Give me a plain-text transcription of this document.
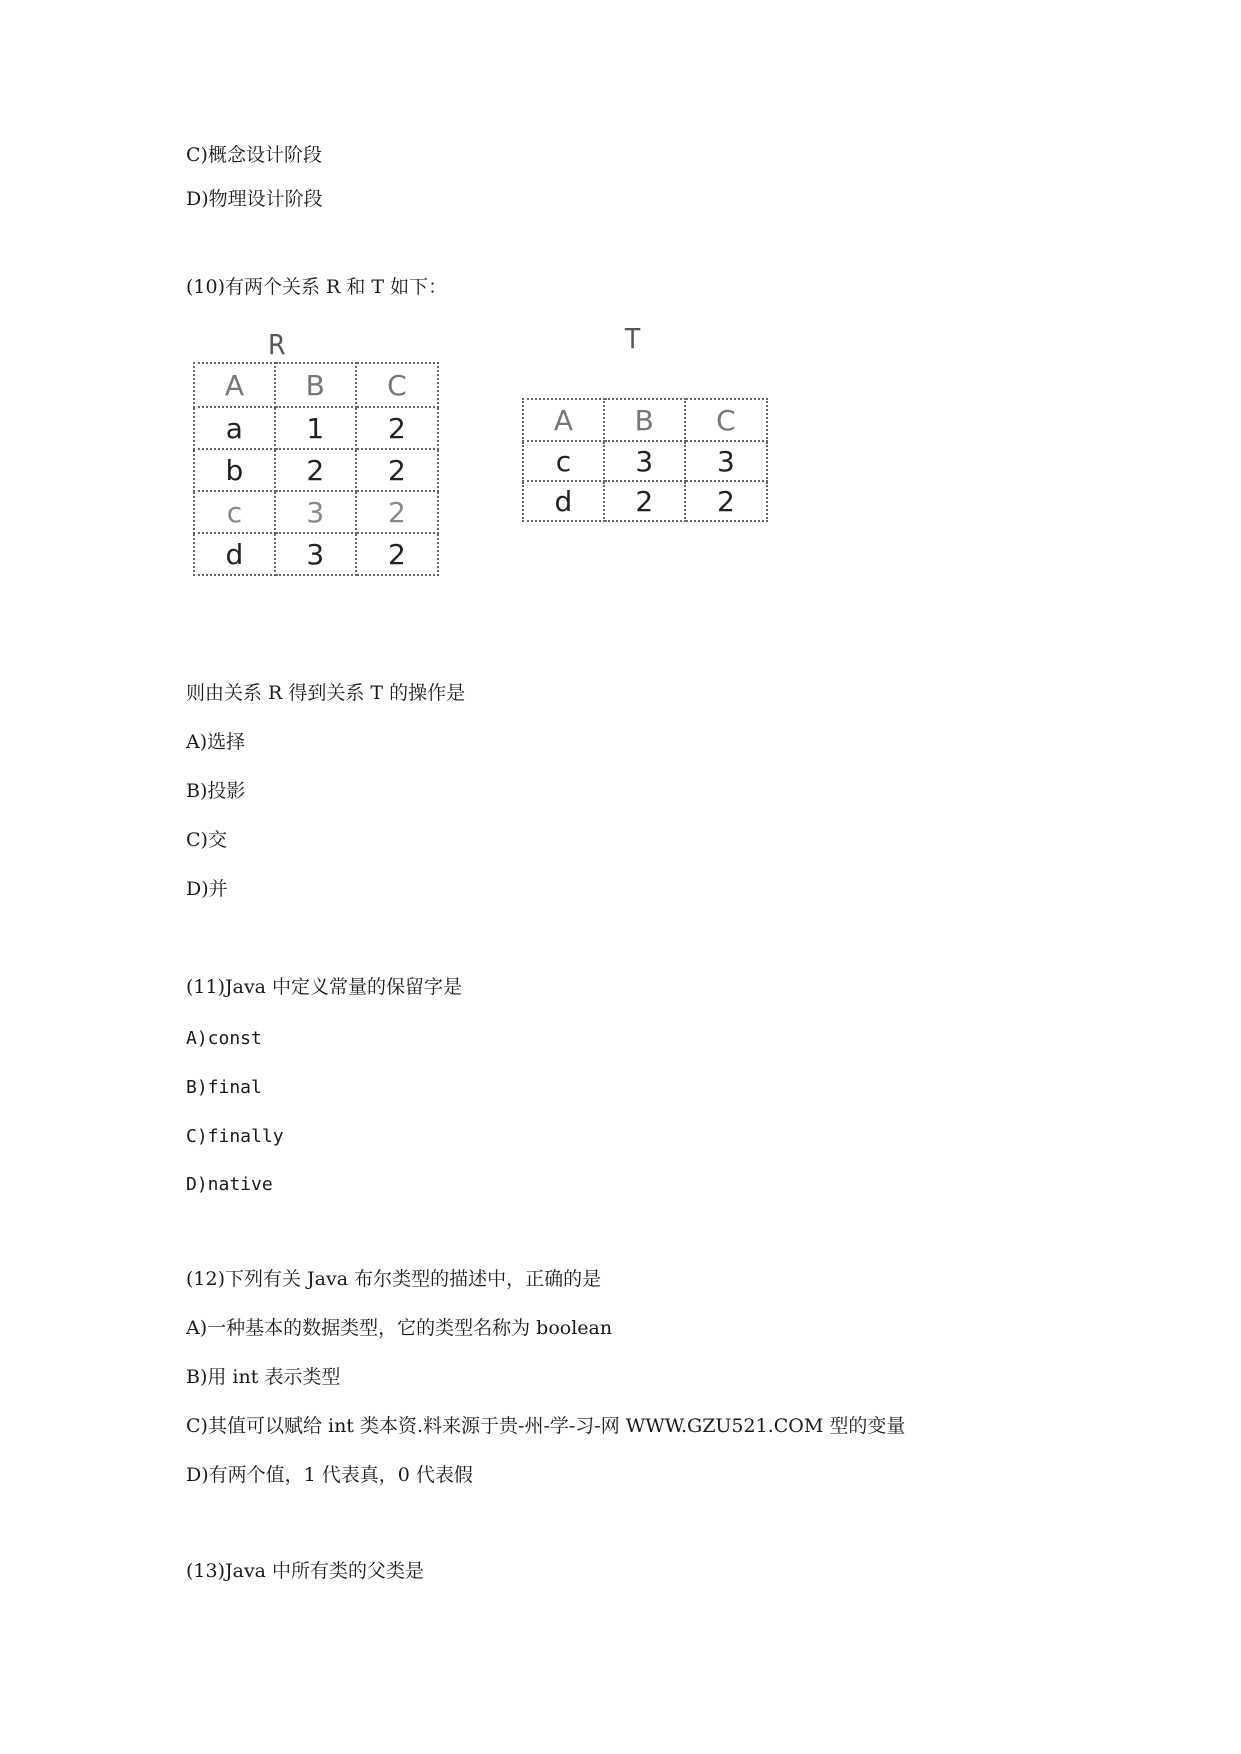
C)概念设计阶段
D)物理设计阶段
(10)有两个关系 R 和 T 如下：
R
A	B	C
a	1	2
b	2	2
c	3	2
d	3	2
T
A	B	C
c	3	3
d	2	2
则由关系 R 得到关系 T 的操作是
A)选择
B)投影
C)交
D)并
(11)Java 中定义常量的保留字是
A)const
B)final
C)finally
D)native
(12)下列有关 Java 布尔类型的描述中，正确的是
A)一种基本的数据类型，它的类型名称为 boolean
B)用 int 表示类型
C)其值可以赋给 int 类本资.料来源于贵-州-学-习-网 WWW.GZU521.COM 型的变量
D)有两个值，1 代表真，0 代表假
(13)Java 中所有类的父类是
